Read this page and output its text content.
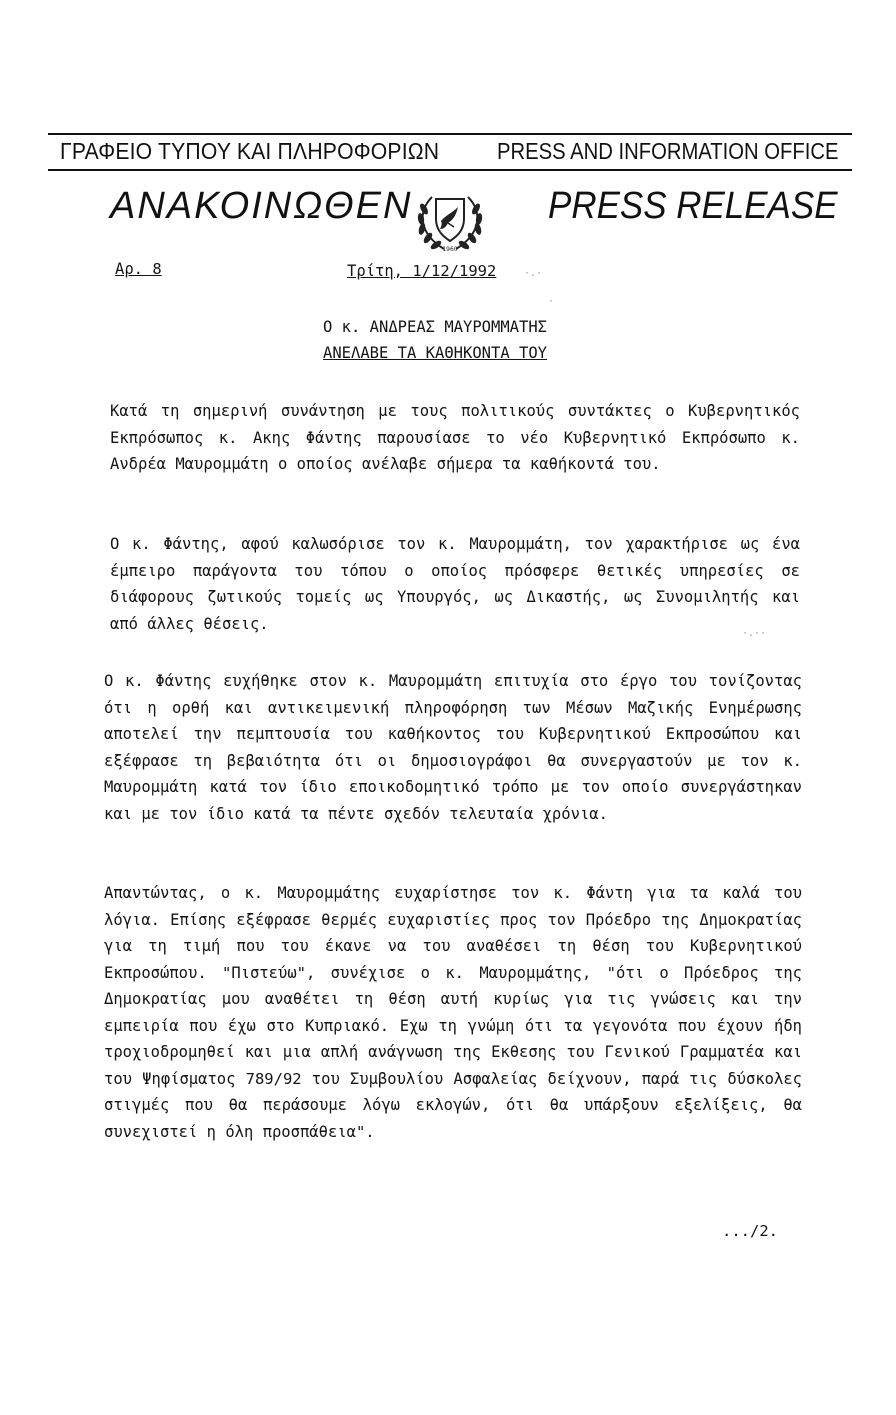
ΓΡΑΦΕΙΟ ΤΥΠΟΥ ΚΑΙ ΠΛΗΡΟΦΟΡΙΩΝ	PRESS AND INFORMATION OFFICE
ΑΝΑΚΟΙΝΩΘΕΝ
1960
PRESS RELEASE
Αρ. 8	Τρίτη, 1/12/1992
Ο κ. ΑΝΔΡΕΑΣ ΜΑΥΡΟΜΜΑΤΗΣ
ΑΝΕΛΑΒΕ ΤΑ ΚΑΘΗΚΟΝΤΑ ΤΟΥ
Κατά τη σημερινή συνάντηση με τους πολιτικούς συντάκτες ο Κυβερνητικός Εκπρόσωπος κ. Ακης Φάντης παρουσίασε το νέο Κυβερνητικό Εκπρόσωπο κ. Ανδρέα Μαυρομμάτη ο οποίος ανέλαβε σήμερα τα καθήκοντά του.
Ο κ. Φάντης, αφού καλωσόρισε τον κ. Μαυρομμάτη, τον χαρακτήρισε ως ένα έμπειρο παράγοντα του τόπου ο οποίος πρόσφερε θετικές υπηρεσίες σε διάφορους ζωτικούς τομείς ως Υπουργός, ως Δικαστής, ως Συνομιλητής και από άλλες θέσεις.
Ο κ. Φάντης ευχήθηκε στον κ. Μαυρομμάτη επιτυχία στο έργο του τονίζοντας ότι η ορθή και αντικειμενική πληροφόρηση των Μέσων Μαζικής Ενημέρωσης αποτελεί την πεμπτουσία του καθήκοντος του Κυβερνητικού Εκπροσώπου και εξέφρασε τη βεβαιότητα ότι οι δημοσιογράφοι θα συνεργαστούν με τον κ. Μαυρομμάτη κατά τον ίδιο εποικοδομητικό τρόπο με τον οποίο συνεργάστηκαν και με τον ίδιο κατά τα πέντε σχεδόν τελευταία χρόνια.
Απαντώντας, ο κ. Μαυρομμάτης ευχαρίστησε τον κ. Φάντη για τα καλά του λόγια. Επίσης εξέφρασε θερμές ευχαριστίες προς τον Πρόεδρο της Δημοκρατίας για τη τιμή που του έκανε να του αναθέσει τη θέση του Κυβερνητικού Εκπροσώπου. "Πιστεύω", συνέχισε ο κ. Μαυρομμάτης, "ότι ο Πρόεδρος της Δημοκρατίας μου αναθέτει τη θέση αυτή κυρίως για τις γνώσεις και την εμπειρία που έχω στο Κυπριακό. Εχω τη γνώμη ότι τα γεγονότα που έχουν ήδη τροχιοδρομηθεί και μια απλή ανάγνωση της Εκθεσης του Γενικού Γραμματέα και του Ψηφίσματος 789/92 του Συμβουλίου Ασφαλείας δείχνουν, παρά τις δύσκολες στιγμές που θα περάσουμε λόγω εκλογών, ότι θα υπάρξουν εξελίξεις, θα συνεχιστεί η όλη προσπάθεια".
.../2.
·.·
·
·.··
